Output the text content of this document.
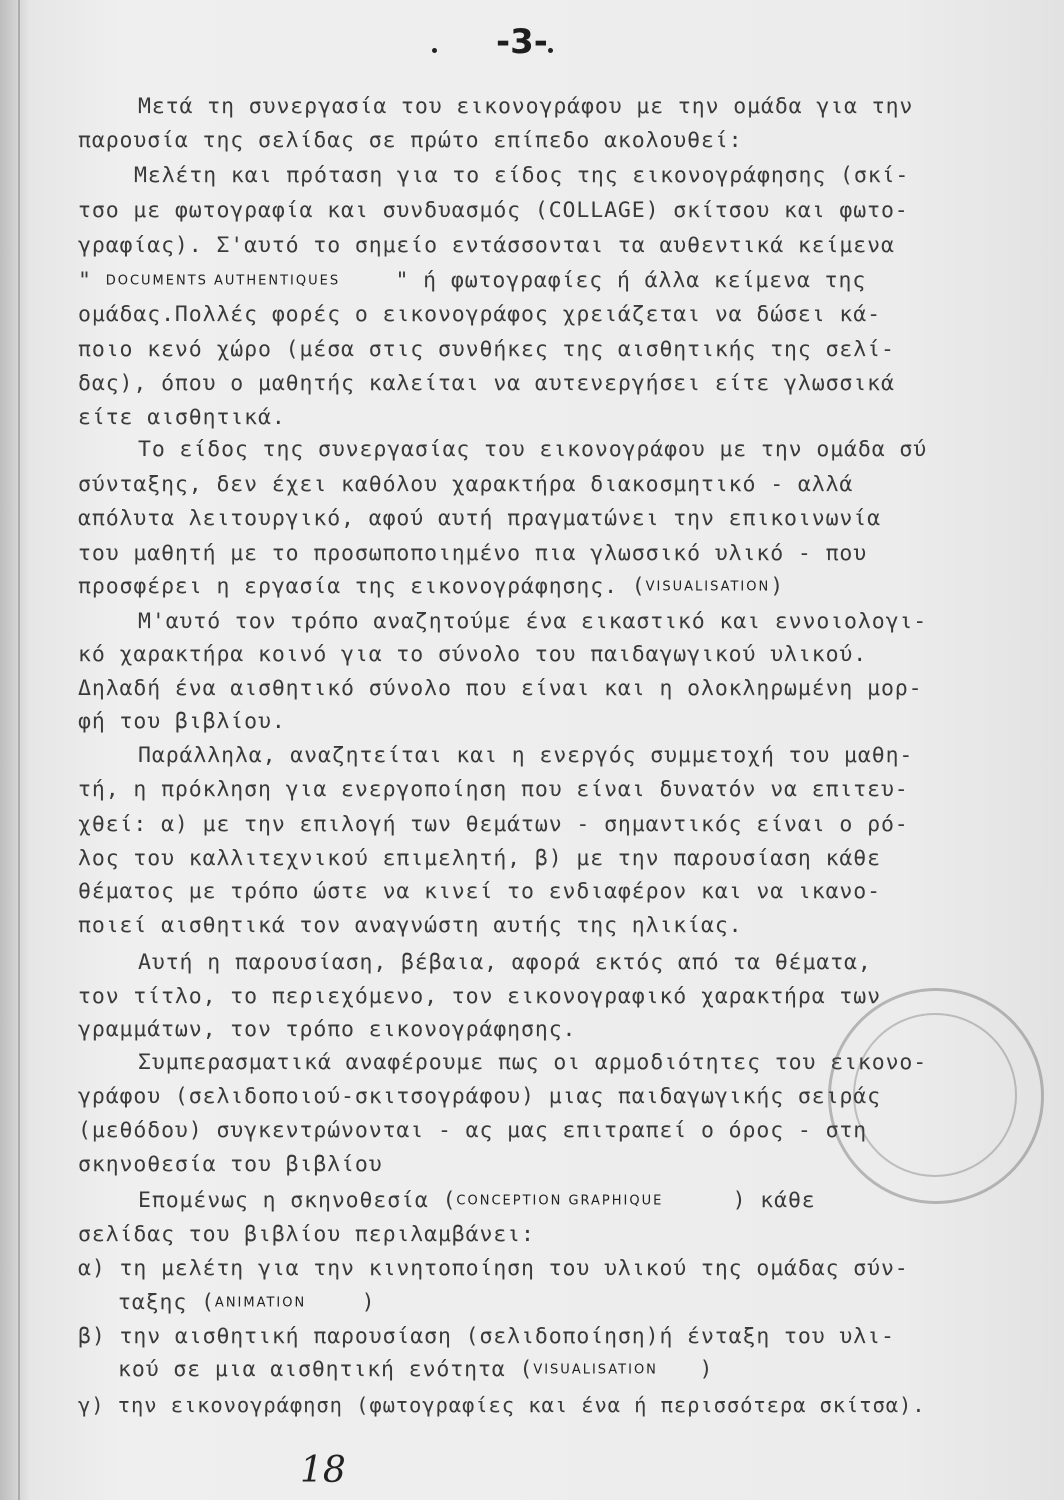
-3-
Μετά τη συνεργασία του εικονογράφου με την ομάδα για την
παρουσία της σελίδας σε πρώτο επίπεδο ακολουθεί:
Μελέτη και πρόταση για το είδος της εικονογράφησης (σκί-
τσο με φωτογραφία και συνδυασμός (COLLAGE) σκίτσου και φωτο-
γραφίας). Σ'αυτό το σημείο εντάσσονται τα αυθεντικά κείμενα
" DOCUMENTS AUTHENTIQUES	" ή φωτογραφίες ή άλλα κείμενα της
ομάδας.Πολλές φορές ο εικονογράφος χρειάζεται να δώσει κά-
ποιο κενό χώρο (μέσα στις συνθήκες της αισθητικής της σελί-
δας), όπου ο μαθητής καλείται να αυτενεργήσει είτε γλωσσικά
είτε αισθητικά.
Το είδος της συνεργασίας του εικονογράφου με την ομάδα σύ
σύνταξης, δεν έχει καθόλου χαρακτήρα διακοσμητικό - αλλά
απόλυτα λειτουργικό, αφού αυτή πραγματώνει την επικοινωνία
του μαθητή με το προσωποποιημένο πια γλωσσικό υλικό - που
προσφέρει η εργασία της εικονογράφησης. (VISUALISATION)
Μ'αυτό τον τρόπο αναζητούμε ένα εικαστικό και εννοιολογι-
κό χαρακτήρα κοινό για το σύνολο του παιδαγωγικού υλικού.
Δηλαδή ένα αισθητικό σύνολο που είναι και η ολοκληρωμένη μορ-
φή του βιβλίου.
Παράλληλα, αναζητείται και η ενεργός συμμετοχή του μαθη-
τή, η πρόκληση για ενεργοποίηση που είναι δυνατόν να επιτευ-
χθεί: α) με την επιλογή των θεμάτων - σημαντικός είναι ο ρό-
λος του καλλιτεχνικού επιμελητή, β) με την παρουσίαση κάθε
θέματος με τρόπο ώστε να κινεί το ενδιαφέρον και να ικανο-
ποιεί αισθητικά τον αναγνώστη αυτής της ηλικίας.
Αυτή η παρουσίαση, βέβαια, αφορά εκτός από τα θέματα,
τον τίτλο, το περιεχόμενο, τον εικονογραφικό χαρακτήρα των
γραμμάτων, τον τρόπο εικονογράφησης.
Συμπερασματικά αναφέρουμε πως οι αρμοδιότητες του εικονο-
γράφου (σελιδοποιού-σκιτσογράφου) μιας παιδαγωγικής σειράς
(μεθόδου) συγκεντρώνονται - ας μας επιτραπεί ο όρος - στη
σκηνοθεσία του βιβλίου
Επομένως η σκηνοθεσία (CONCEPTION GRAPHIQUE	) κάθε
σελίδας του βιβλίου περιλαμβάνει:
α) τη μελέτη για την κινητοποίηση του υλικού της ομάδας σύν-
ταξης (ANIMATION	)
β) την αισθητική παρουσίαση (σελιδοποίηση)ή ένταξη του υλι-
κού σε μια αισθητική ενότητα (VISUALISATION )
γ) την εικονογράφηση (φωτογραφίες και ένα ή περισσότερα σκίτσα).
18
